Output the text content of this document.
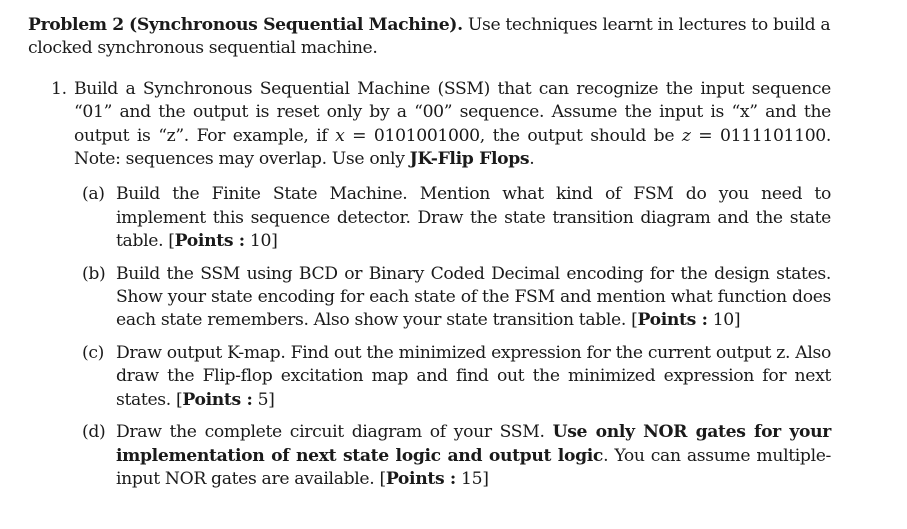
Problem 2 (Synchronous Sequential Machine). Use techniques learnt in lectures to build a clocked synchronous sequential machine.

1. Build a Synchronous Sequential Machine (SSM) that can recognize the input sequence “01” and the output is reset only by a “00” sequence. Assume the input is “x” and the output is “z”. For example, if x = 0101001000, the output should be z = 0111101100. Note: sequences may overlap. Use only JK-Flip Flops.
(a) Build the Finite State Machine. Mention what kind of FSM do you need to implement this sequence detector. Draw the state transition diagram and the state table. [Points : 10]
(b) Build the SSM using BCD or Binary Coded Decimal encoding for the design states. Show your state encoding for each state of the FSM and mention what function does each state remembers. Also show your state transition table. [Points : 10]
(c) Draw output K-map. Find out the minimized expression for the current output z. Also draw the Flip-flop excitation map and find out the minimized expression for next states. [Points : 5]
(d) Draw the complete circuit diagram of your SSM. Use only NOR gates for your implementation of next state logic and output logic. You can assume multiple-input NOR gates are available. [Points : 15]
